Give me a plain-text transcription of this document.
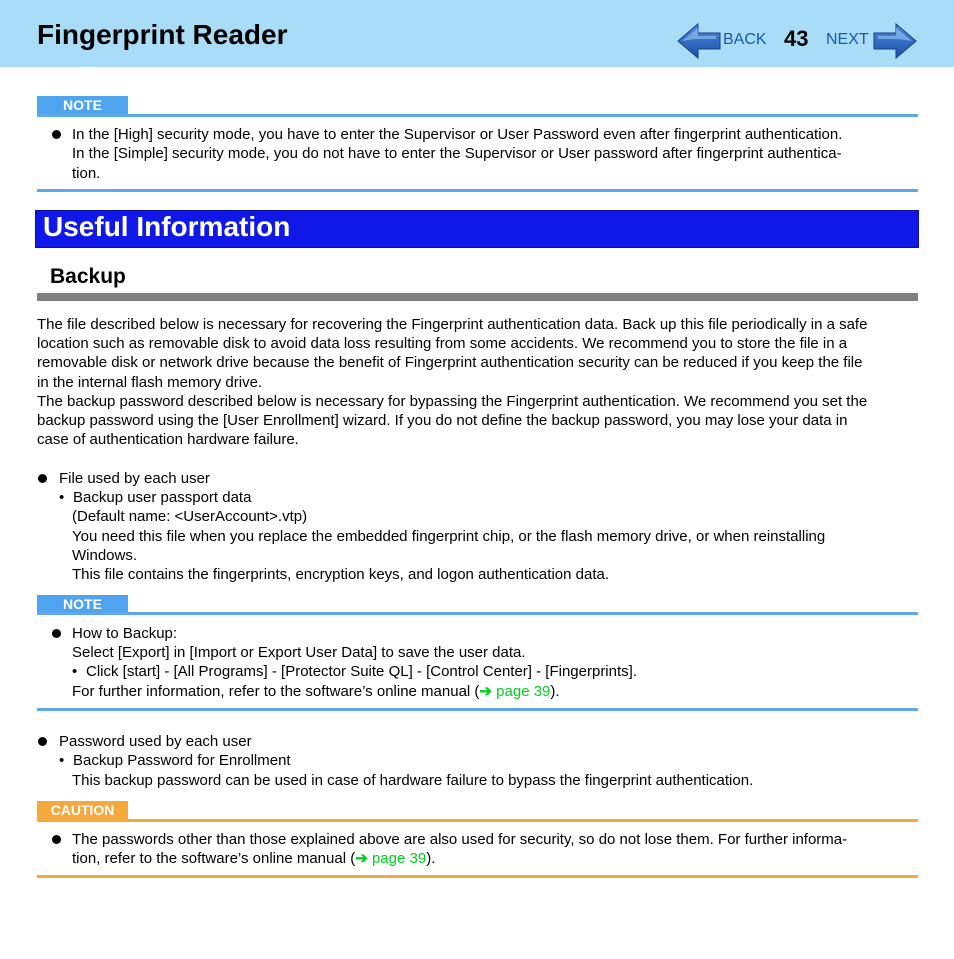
Fingerprint Reader	BACK 43 NEXT
NOTE
In the [High] security mode, you have to enter the Supervisor or User Password even after fingerprint authentication.
In the [Simple] security mode, you do not have to enter the Supervisor or User password after fingerprint authentica-
tion.
Useful Information
Backup
The file described below is necessary for recovering the Fingerprint authentication data. Back up this file periodically in a safe
location such as removable disk to avoid data loss resulting from some accidents. We recommend you to store the file in a
removable disk or network drive because the benefit of Fingerprint authentication security can be reduced if you keep the file
in the internal flash memory drive.
The backup password described below is necessary for bypassing the Fingerprint authentication. We recommend you set the
backup password using the [User Enrollment] wizard. If you do not define the backup password, you may lose your data in
case of authentication hardware failure.
File used by each user
• Backup user passport data
(Default name: <UserAccount>.vtp)
You need this file when you replace the embedded fingerprint chip, or the flash memory drive, or when reinstalling
Windows.
This file contains the fingerprints, encryption keys, and logon authentication data.
NOTE
How to Backup:
Select [Export] in [Import or Export User Data] to save the user data.
• Click [start] - [All Programs] - [Protector Suite QL] - [Control Center] - [Fingerprints].
For further information, refer to the software’s online manual (➔ page 39).
Password used by each user
• Backup Password for Enrollment
This backup password can be used in case of hardware failure to bypass the fingerprint authentication.
CAUTION
The passwords other than those explained above are also used for security, so do not lose them. For further informa-
tion, refer to the software’s online manual (➔ page 39).
